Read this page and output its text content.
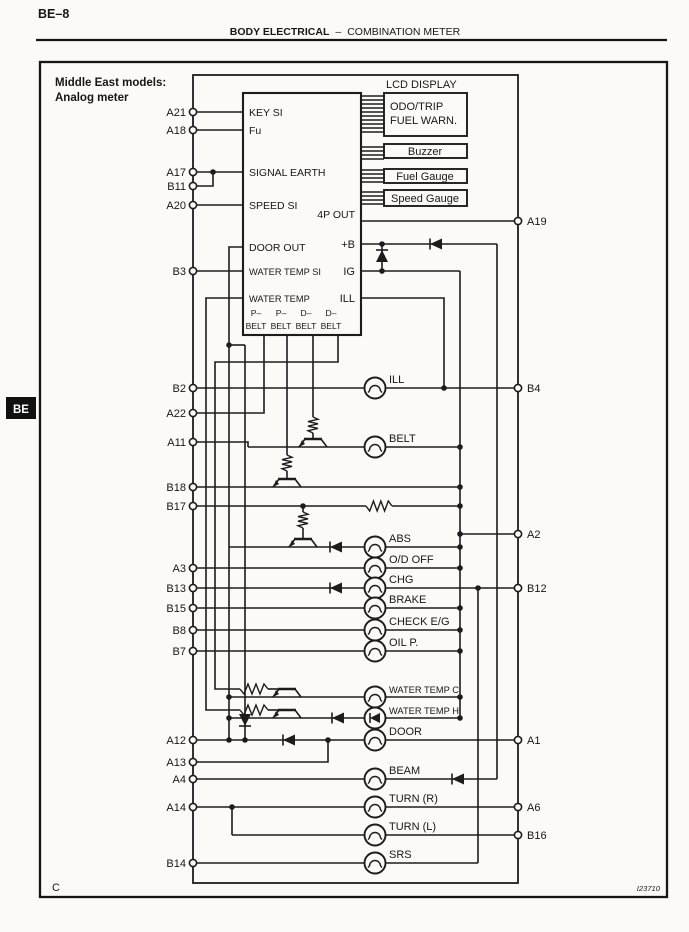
BE–8
BODY ELECTRICAL – COMBINATION METER
BE
Middle East models:
Analog meter
KEY SI
Fu
SIGNAL EARTH
SPEED SI
DOOR OUT
WATER TEMP SI
WATER TEMP
4P OUT
+B
IG
ILL
P–
BELT
P–
BELT
D–
BELT
D–
BELT
LCD DISPLAY
ODO/TRIP
FUEL WARN.
Buzzer
Fuel Gauge
Speed Gauge
A21
A18
A17
B11
A20
B3
B2
A22
A11
B18
B17
A3
B13
B15
B8
B7
A12
A13
A4
A14
B14
A19
B4
A2
B12
A1
A6
B16
ILL
BELT
ABS
O/D OFF
CHG
BRAKE
CHECK E/G
OIL P.
WATER TEMP C
WATER TEMP H
DOOR
BEAM
TURN (R)
TURN (L)
SRS
C	I23710
